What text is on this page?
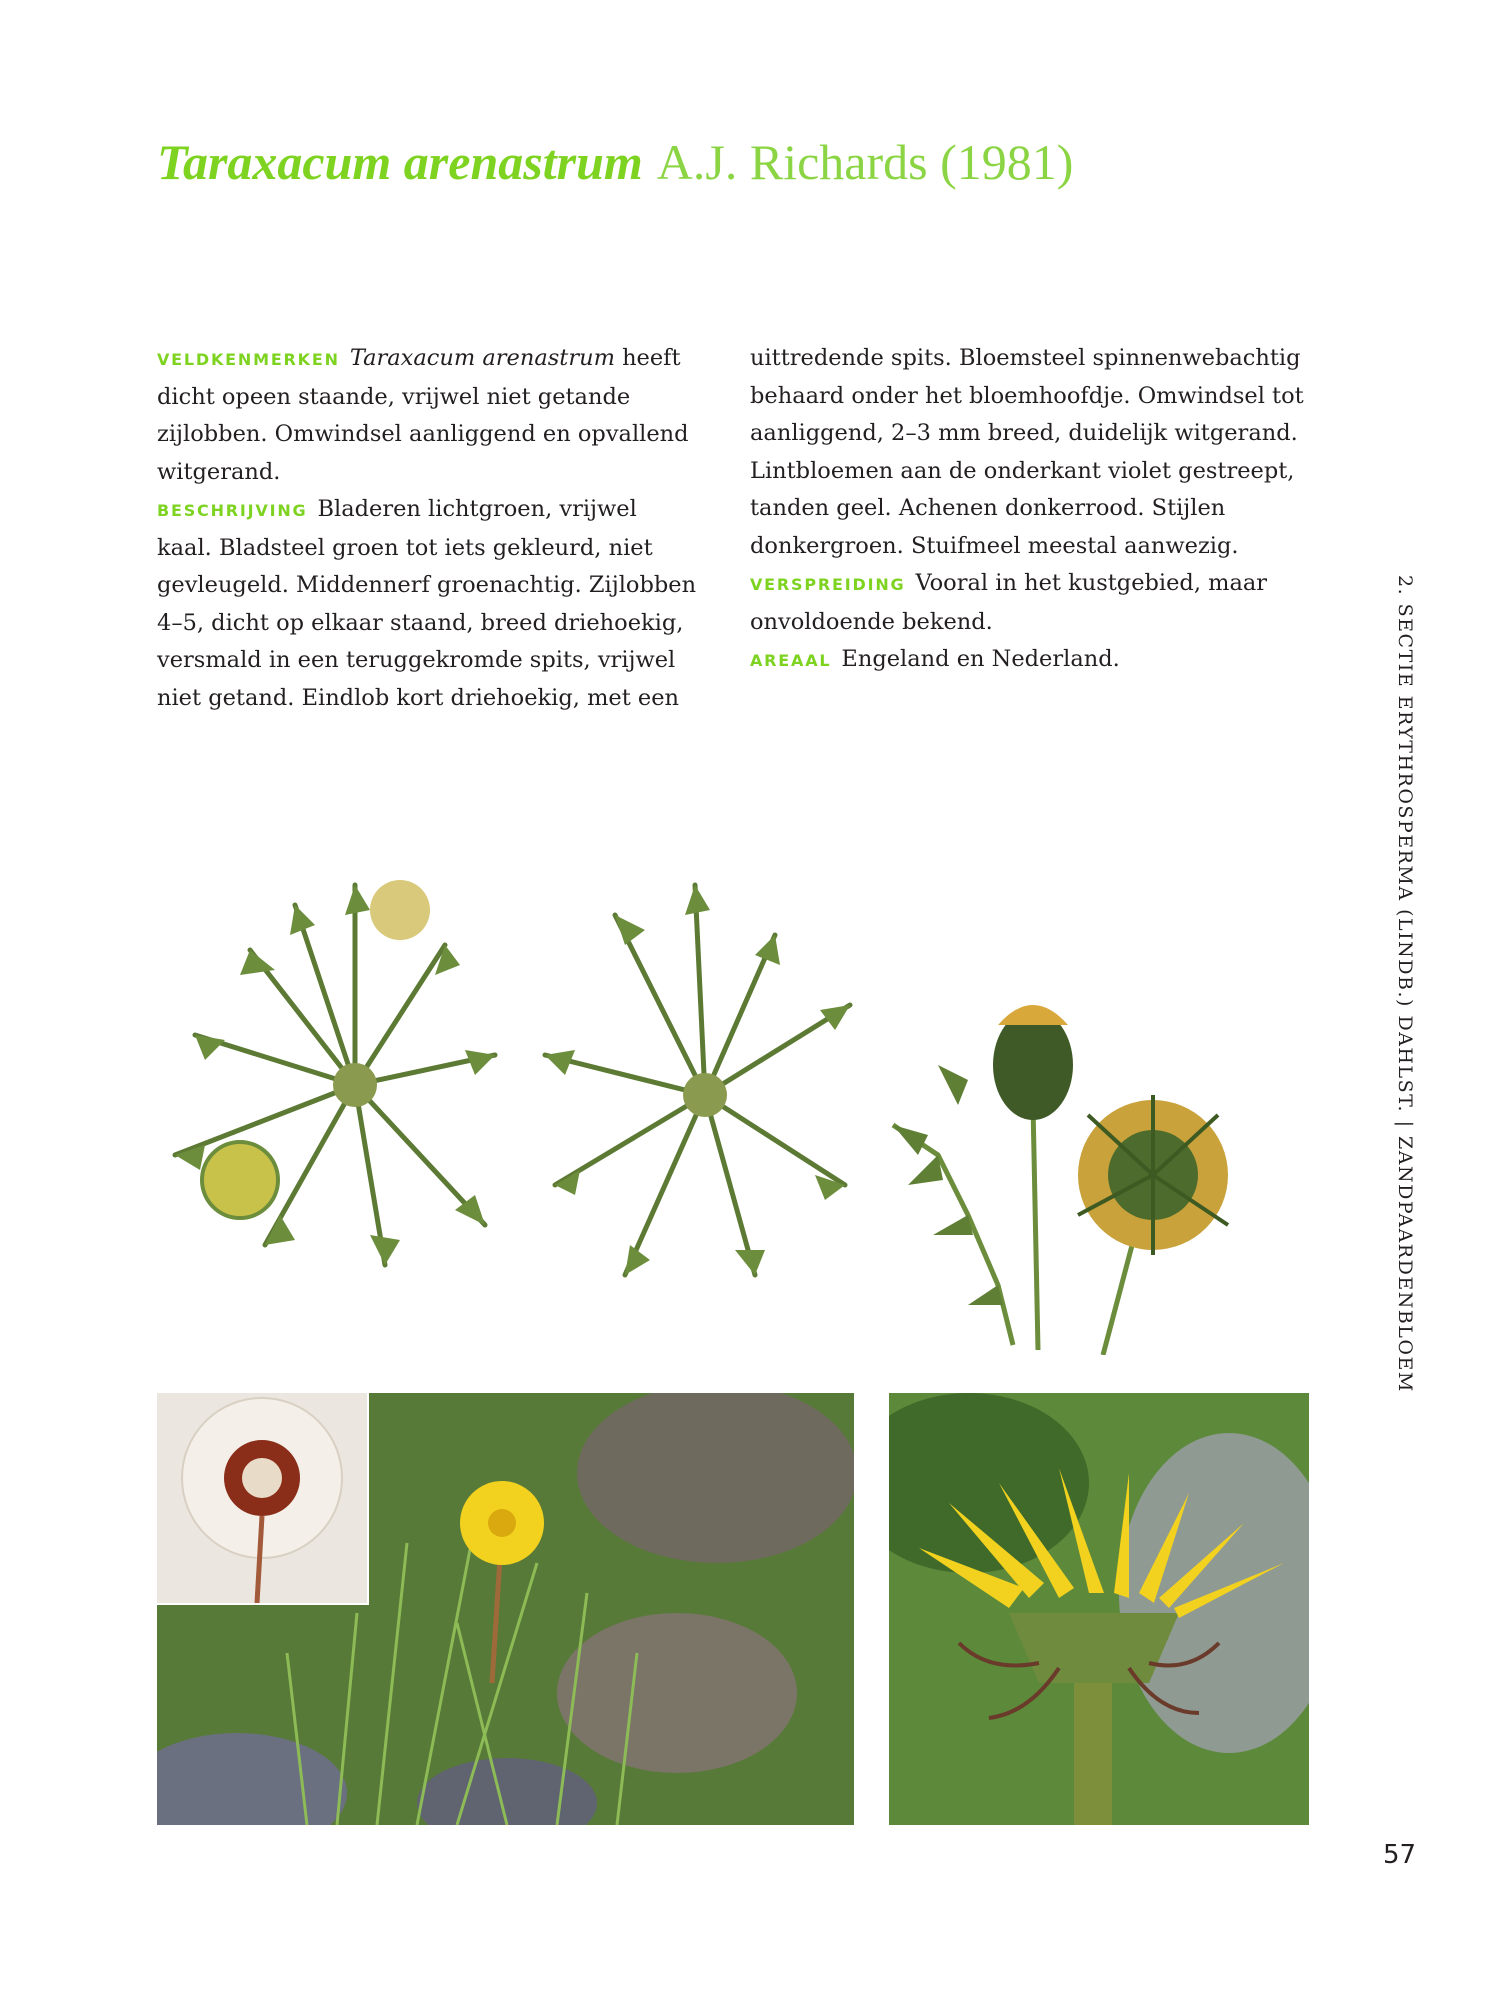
Taraxacum arenastrum A.J. Richards (1981)

VELDKENMERKEN Taraxacum arenastrum heeft dicht opeen staande, vrijwel niet getande zijlobben. Omwindsel aanliggend en opvallend witgerand.

BESCHRIJVING Bladeren lichtgroen, vrijwel kaal. Bladsteel groen tot iets gekleurd, niet gevleugeld. Middennerf groenachtig. Zijlobben 4–5, dicht op elkaar staand, breed driehoekig, versmald in een teruggekromde spits, vrijwel niet getand. Eindlob kort driehoekig, met een

uittredende spits. Bloemsteel spinnenwebachtig behaard onder het bloemhoofdje. Omwindsel tot aanliggend, 2–3 mm breed, duidelijk witgerand. Lintbloemen aan de onderkant violet gestreept, tanden geel. Achenen donkerrood. Stijlen donkergroen. Stuifmeel meestal aanwezig.

VERSPREIDING Vooral in het kustgebied, maar onvoldoende bekend.

AREAAL Engeland en Nederland.	2. SECTIE ERYTHROSPERMA (LINDB.) DAHLST. | ZANDPAARDENBLOEM
57
